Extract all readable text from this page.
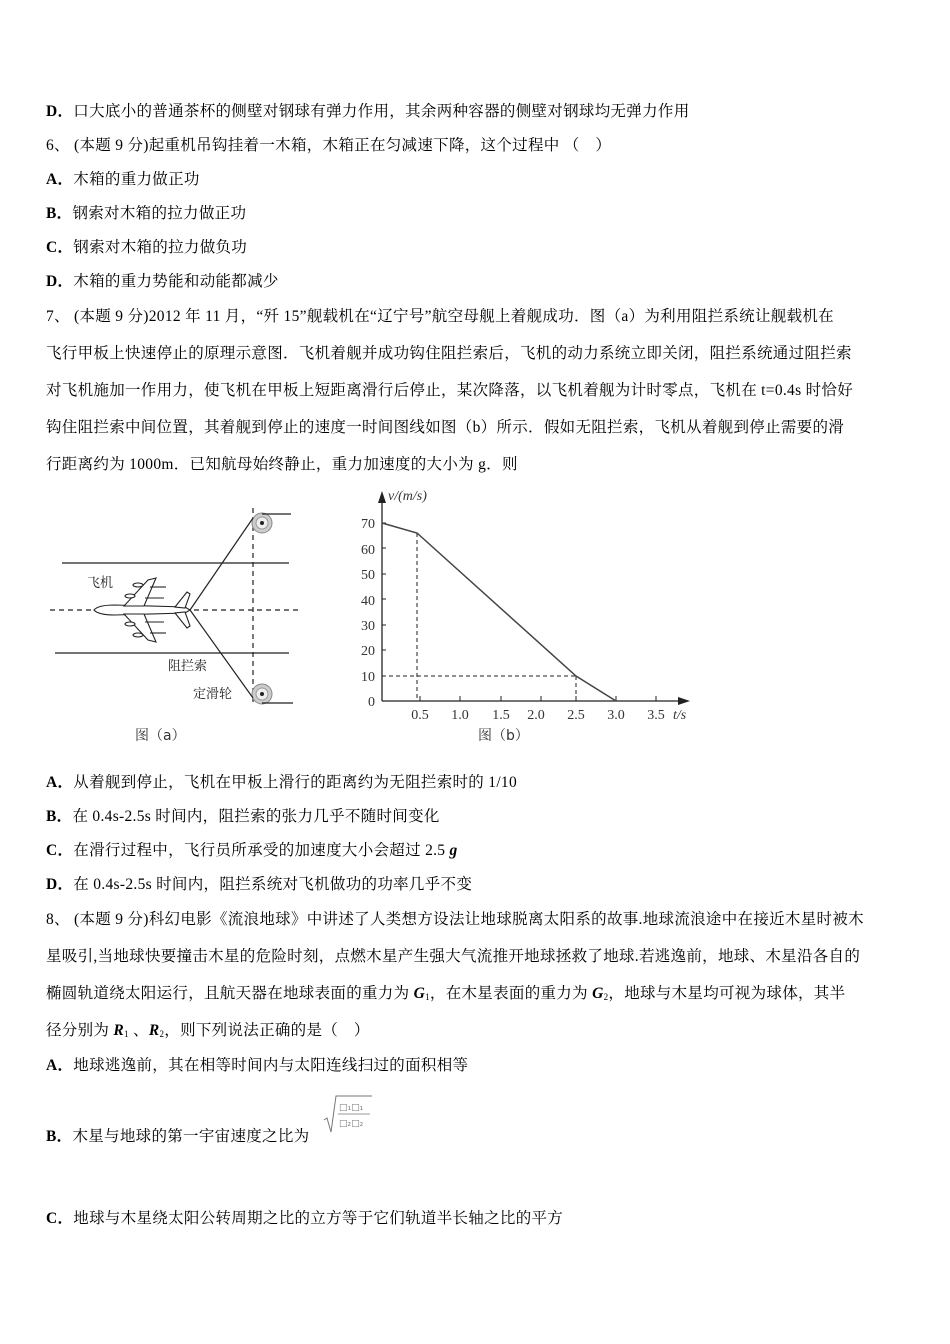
D．口大底小的普通茶杯的侧壁对钢球有弹力作用，其余两种容器的侧壁对钢球均无弹力作用
6、 (本题 9 分)起重机吊钩挂着一木箱，木箱正在匀减速下降，这个过程中 （　）
A．木箱的重力做正功
B．钢索对木箱的拉力做正功
C．钢索对木箱的拉力做负功
D．木箱的重力势能和动能都减少
7、 (本题 9 分)2012 年 11 月，“歼 15”舰载机在“辽宁号”航空母舰上着舰成功．图（a）为利用阻拦系统让舰载机在
飞行甲板上快速停止的原理示意图．飞机着舰并成功钩住阻拦索后，飞机的动力系统立即关闭，阻拦系统通过阻拦索
对飞机施加一作用力，使飞机在甲板上短距离滑行后停止，某次降落，以飞机着舰为计时零点，飞机在 t=0.4s 时恰好
钩住阻拦索中间位置，其着舰到停止的速度一时间图线如图（b）所示．假如无阻拦索，飞机从着舰到停止需要的滑
行距离约为 1000m．已知航母始终静止，重力加速度的大小为 g．则
飞机
阻拦索
定滑轮
图（a）
v/(m/s)
t/s
0
10
20
30
40
50
60
70
0.5 1.0 1.5 2.0 2.5 3.0 3.5
图（b）
A．从着舰到停止，飞机在甲板上滑行的距离约为无阻拦索时的 1/10
B．在 0.4s-2.5s 时间内，阻拦索的张力几乎不随时间变化
C．在滑行过程中，飞行员所承受的加速度大小会超过 2.5 g
D．在 0.4s-2.5s 时间内，阻拦系统对飞机做功的功率几乎不变
8、 (本题 9 分)科幻电影《流浪地球》中讲述了人类想方设法让地球脱离太阳系的故事.地球流浪途中在接近木星时被木
星吸引,当地球快要撞击木星的危险时刻，点燃木星产生强大气流推开地球拯救了地球.若逃逸前，地球、木星沿各自的
椭圆轨道绕太阳运行，且航天器在地球表面的重力为 $G_1$，在木星表面的重力为 $G_2$，地球与木星均可视为球体，其半
径分别为 $R_1$ 、$R_2$，则下列说法正确的是（　）
A．地球逃逸前，其在相等时间内与太阳连线扫过的面积相等
B．木星与地球的第一宇宙速度之比为
□₁□₁
□₂□₂
C．地球与木星绕太阳公转周期之比的立方等于它们轨道半长轴之比的平方
